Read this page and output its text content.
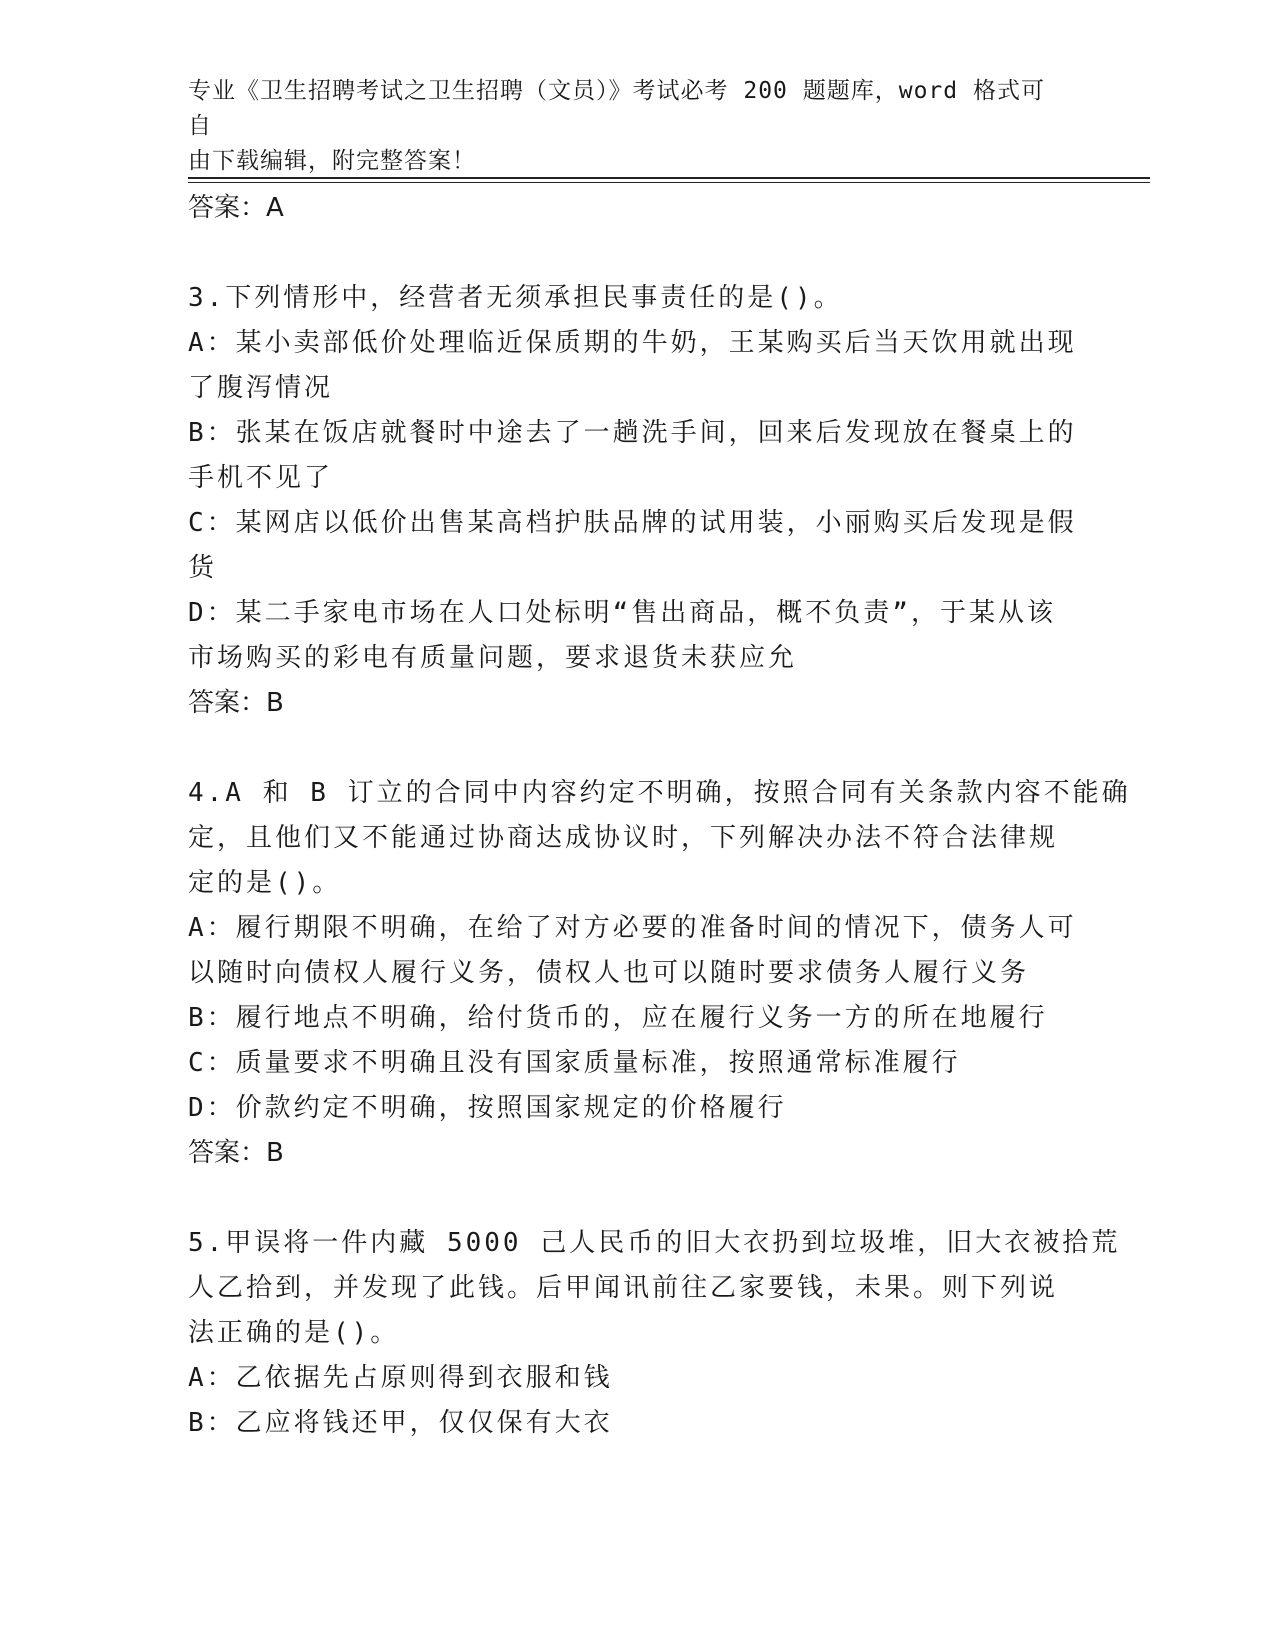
专业《卫生招聘考试之卫生招聘（文员）》考试必考 200 题题库，word 格式可自
由下载编辑，附完整答案！
答案：A
3.下列情形中，经营者无须承担民事责任的是()。
A：某小卖部低价处理临近保质期的牛奶，王某购买后当天饮用就出现
了腹泻情况
B：张某在饭店就餐时中途去了一趟洗手间，回来后发现放在餐桌上的
手机不见了
C：某网店以低价出售某高档护肤品牌的试用装，小丽购买后发现是假
货
D：某二手家电市场在人口处标明“售出商品，概不负责”，于某从该
市场购买的彩电有质量问题，要求退货未获应允
答案：B
4.A 和 B 订立的合同中内容约定不明确，按照合同有关条款内容不能确
定，且他们又不能通过协商达成协议时，下列解决办法不符合法律规
定的是()。
A：履行期限不明确，在给了对方必要的准备时间的情况下，债务人可
以随时向债权人履行义务，债权人也可以随时要求债务人履行义务
B：履行地点不明确，给付货币的，应在履行义务一方的所在地履行
C：质量要求不明确且没有国家质量标准，按照通常标准履行
D：价款约定不明确，按照国家规定的价格履行
答案：B
5.甲误将一件内藏 5000 己人民币的旧大衣扔到垃圾堆，旧大衣被拾荒
人乙拾到，并发现了此钱。后甲闻讯前往乙家要钱，未果。则下列说
法正确的是()。
A：乙依据先占原则得到衣服和钱
B：乙应将钱还甲，仅仅保有大衣
